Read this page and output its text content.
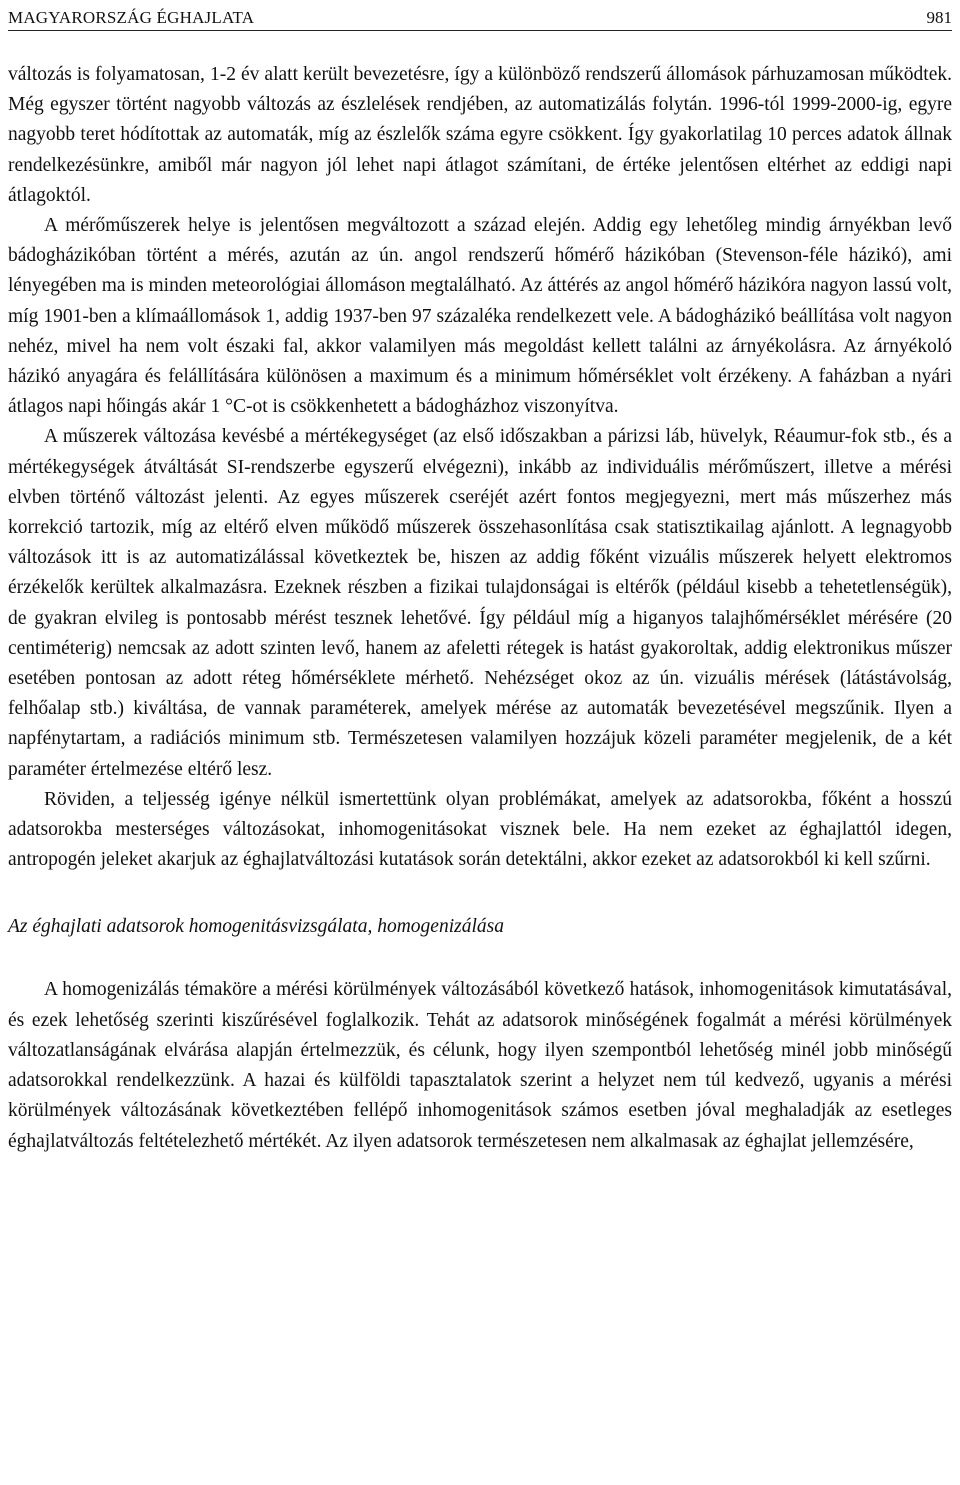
MAGYARORSZÁG ÉGHAJLATA	981

változás is folyamatosan, 1-2 év alatt került bevezetésre, így a különböző rendszerű állomások párhuzamosan működtek. Még egyszer történt nagyobb változás az észlelések rendjében, az automatizálás folytán. 1996-tól 1999-2000-ig, egyre nagyobb teret hódítottak az automaták, míg az észlelők száma egyre csökkent. Így gyakorlatilag 10 perces adatok állnak rendelkezésünkre, amiből már nagyon jól lehet napi átlagot számítani, de értéke jelentősen eltérhet az eddigi napi átlagoktól.

A mérőműszerek helye is jelentősen megváltozott a század elején. Addig egy lehetőleg mindig árnyékban levő bádogházikóban történt a mérés, azután az ún. angol rendszerű hőmérő házikóban (Stevenson-féle házikó), ami lényegében ma is minden meteorológiai állomáson megtalálható. Az áttérés az angol hőmérő házikóra nagyon lassú volt, míg 1901-ben a klímaállomások 1, addig 1937-ben 97 százaléka rendelkezett vele. A bádogházikó beállítása volt nagyon nehéz, mivel ha nem volt északi fal, akkor valamilyen más megoldást kellett találni az árnyékolásra. Az árnyékoló házikó anyagára és felállítására különösen a maximum és a minimum hőmérséklet volt érzékeny. A faházban a nyári átlagos napi hőingás akár 1 °C-ot is csökkenhetett a bádogházhoz viszonyítva.

A műszerek változása kevésbé a mértékegységet (az első időszakban a párizsi láb, hüvelyk, Réaumur-fok stb., és a mértékegységek átváltását SI-rendszerbe egyszerű elvégezni), inkább az individuális mérőműszert, illetve a mérési elvben történő változást jelenti. Az egyes műszerek cseréjét azért fontos megjegyezni, mert más műszerhez más korrekció tartozik, míg az eltérő elven működő műszerek összehasonlítása csak statisztikailag ajánlott. A legnagyobb változások itt is az automatizálással következtek be, hiszen az addig főként vizuális műszerek helyett elektromos érzékelők kerültek alkalmazásra. Ezeknek részben a fizikai tulajdonságai is eltérők (például kisebb a tehetetlenségük), de gyakran elvileg is pontosabb mérést tesznek lehetővé. Így például míg a higanyos talajhőmérséklet mérésére (20 centiméterig) nemcsak az adott szinten levő, hanem az afeletti rétegek is hatást gyakoroltak, addig elektronikus műszer esetében pontosan az adott réteg hőmérséklete mérhető. Nehézséget okoz az ún. vizuális mérések (látástávolság, felhőalap stb.) kiváltása, de vannak paraméterek, amelyek mérése az automaták bevezetésével megszűnik. Ilyen a napfénytartam, a radiációs minimum stb. Természetesen valamilyen hozzájuk közeli paraméter megjelenik, de a két paraméter értelmezése eltérő lesz.

Röviden, a teljesség igénye nélkül ismertettünk olyan problémákat, amelyek az adatsorokba, főként a hosszú adatsorokba mesterséges változásokat, inhomogenitásokat visznek bele. Ha nem ezeket az éghajlattól idegen, antropogén jeleket akarjuk az éghajlatváltozási kutatások során detektálni, akkor ezeket az adatsorokból ki kell szűrni.

Az éghajlati adatsorok homogenitásvizsgálata, homogenizálása

A homogenizálás témaköre a mérési körülmények változásából következő hatások, inhomogenitások kimutatásával, és ezek lehetőség szerinti kiszűrésével foglalkozik. Tehát az adatsorok minőségének fogalmát a mérési körülmények változatlanságának elvárása alapján értelmezzük, és célunk, hogy ilyen szempontból lehetőség minél jobb minőségű adatsorokkal rendelkezzünk. A hazai és külföldi tapasztalatok szerint a helyzet nem túl kedvező, ugyanis a mérési körülmények változásának következtében fellépő inhomogenitások számos esetben jóval meghaladják az esetleges éghajlatváltozás feltételezhető mértékét. Az ilyen adatsorok természetesen nem alkalmasak az éghajlat jellemzésére,
